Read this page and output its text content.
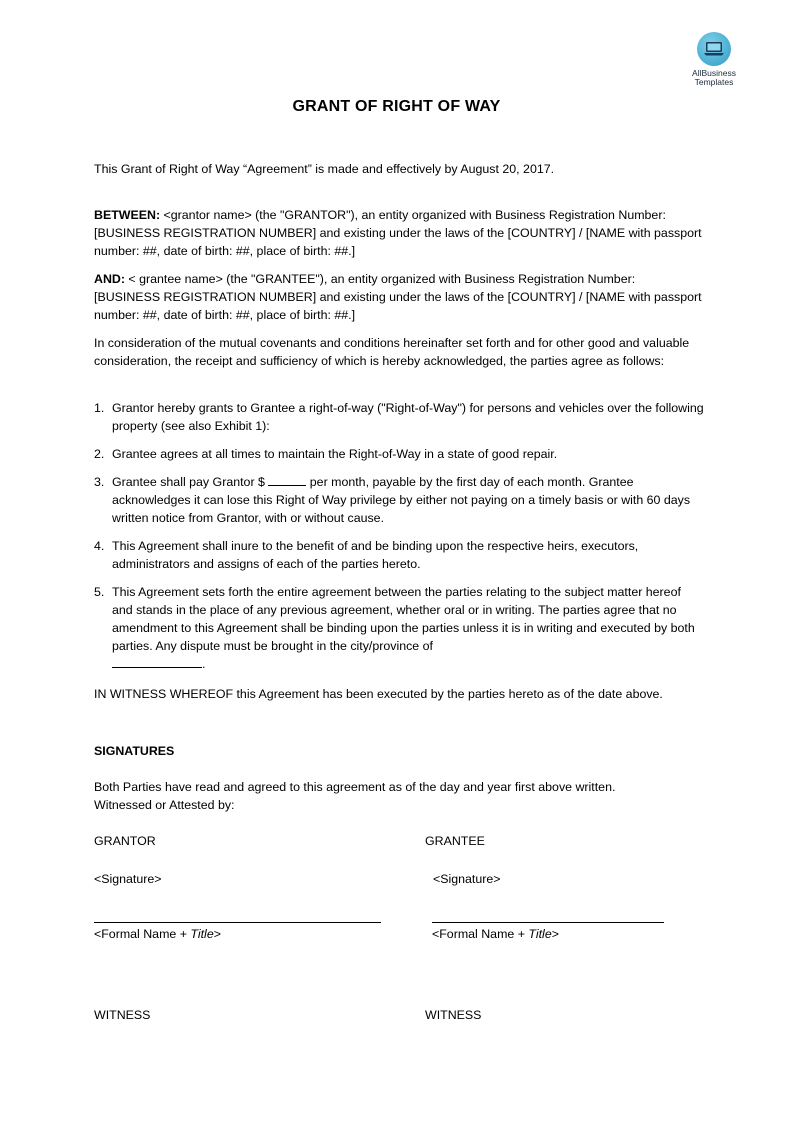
AllBusiness
Templates
GRANT OF RIGHT OF WAY
This Grant of Right of Way “Agreement” is made and effectively by August 20, 2017.
BETWEEN: <grantor name> (the "GRANTOR"), an entity organized with Business Registration Number: [BUSINESS REGISTRATION NUMBER] and existing under the laws of the [COUNTRY] / [NAME with passport number: ##, date of birth: ##, place of birth: ##.]
AND: < grantee name> (the "GRANTEE"), an entity organized with Business Registration Number: [BUSINESS REGISTRATION NUMBER] and existing under the laws of the [COUNTRY] / [NAME with passport number: ##, date of birth: ##, place of birth: ##.]
In consideration of the mutual covenants and conditions hereinafter set forth and for other good and valuable consideration, the receipt and sufficiency of which is hereby acknowledged, the parties agree as follows:
1. Grantor hereby grants to Grantee a right-of-way ("Right-of-Way") for persons and vehicles over the following property (see also Exhibit 1):
2. Grantee agrees at all times to maintain the Right-of-Way in a state of good repair.
3. Grantee shall pay Grantor $	per month, payable by the first day of each month. Grantee acknowledges it can lose this Right of Way privilege by either not paying on a timely basis or with 60 days written notice from Grantor, with or without cause.
4. This Agreement shall inure to the benefit of and be binding upon the respective heirs, executors, administrators and assigns of each of the parties hereto.
5. This Agreement sets forth the entire agreement between the parties relating to the subject matter hereof and stands in the place of any previous agreement, whether oral or in writing. The parties agree that no amendment to this Agreement shall be binding upon the parties unless it is in writing and executed by both parties. Any dispute must be brought in the city/province of
.
IN WITNESS WHEREOF this Agreement has been executed by the parties hereto as of the date above.
SIGNATURES
Both Parties have read and agreed to this agreement as of the day and year first above written.
Witnessed or Attested by:
GRANTOR
<Signature>
<Formal Name + Title>
WITNESS
GRANTEE
<Signature>
<Formal Name + Title>
WITNESS
